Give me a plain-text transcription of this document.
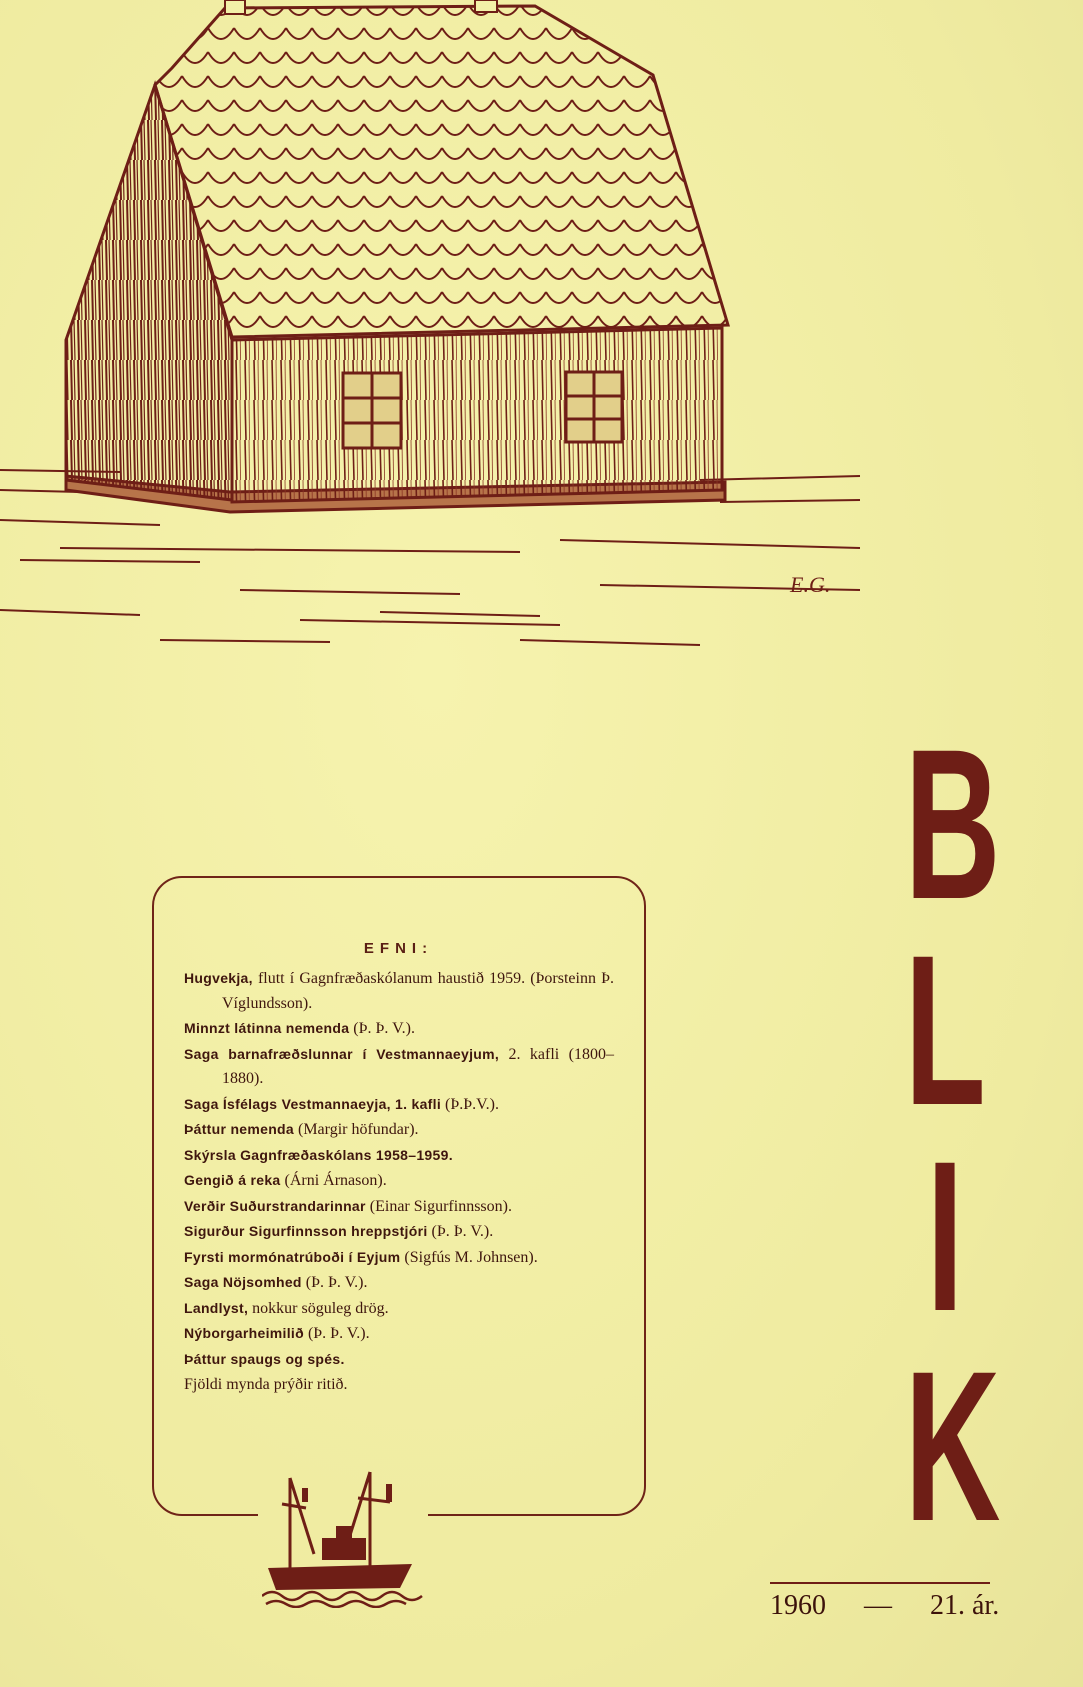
E.G.
EFNI:
Hugvekja, flutt í Gagnfræðaskólanum haustið 1959. (Þorsteinn Þ. Víglundsson).
Minnzt látinna nemenda (Þ. Þ. V.).
Saga barnafræðslunnar í Vestmannaeyjum, 2. kafli (1800–1880).
Saga Ísfélags Vestmannaeyja, 1. kafli (Þ.Þ.V.).
Þáttur nemenda (Margir höfundar).
Skýrsla Gagnfræðaskólans 1958–1959.
Gengið á reka (Árni Árnason).
Verðir Suðurstrandarinnar (Einar Sigurfinnsson).
Sigurður Sigurfinnsson hreppstjóri (Þ. Þ. V.).
Fyrsti mormónatrúboði í Eyjum (Sigfús M. Johnsen).
Saga Nöjsomhed (Þ. Þ. V.).
Landlyst, nokkur söguleg drög.
Nýborgarheimilið (Þ. Þ. V.).
Þáttur spaugs og spés.
Fjöldi mynda prýðir ritið.
B
L
I
K
1960 — 21. ár.
